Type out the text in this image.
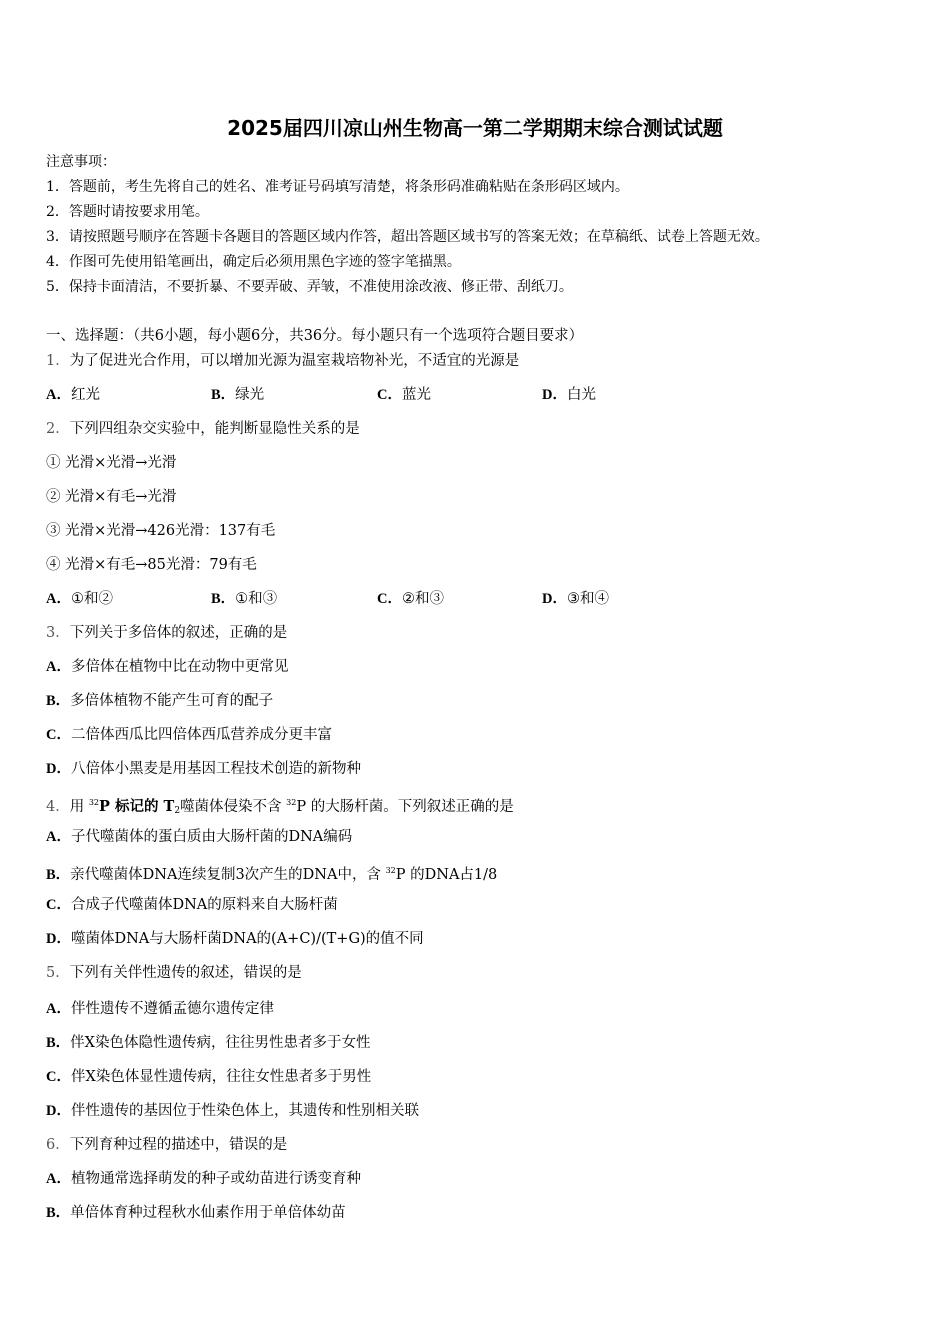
2025届四川凉山州生物高一第二学期期末综合测试试题
注意事项：
1．答题前，考生先将自己的姓名、准考证号码填写清楚，将条形码准确粘贴在条形码区域内。
2．答题时请按要求用笔。
3．请按照题号顺序在答题卡各题目的答题区域内作答，超出答题区域书写的答案无效；在草稿纸、试卷上答题无效。
4．作图可先使用铅笔画出，确定后必须用黑色字迹的签字笔描黑。
5．保持卡面清洁，不要折暴、不要弄破、弄皱，不准使用涂改液、修正带、刮纸刀。
一、选择题：（共6小题，每小题6分，共36分。每小题只有一个选项符合题目要求）
1．为了促进光合作用，可以增加光源为温室栽培物补光，不适宜的光源是
A．红光	B．绿光	C．蓝光	D．白光
2．下列四组杂交实验中，能判断显隐性关系的是
① 光滑×光滑→光滑
② 光滑×有毛→光滑
③ 光滑×光滑→426光滑：137有毛
④ 光滑×有毛→85光滑：79有毛
A．①和②	B．①和③	C．②和③	D．③和④
3．下列关于多倍体的叙述，正确的是
A．多倍体在植物中比在动物中更常见
B．多倍体植物不能产生可育的配子
C．二倍体西瓜比四倍体西瓜营养成分更丰富
D．八倍体小黑麦是用基因工程技术创造的新物种
4．用 $^{32}$P 标记的 $T_2$噬菌体侵染不含 $^{32}$P 的大肠杆菌。下列叙述正确的是
A．子代噬菌体的蛋白质由大肠杆菌的DNA编码
B．亲代噬菌体DNA连续复制3次产生的DNA中，含 $^{32}$P 的DNA占1/8
C．合成子代噬菌体DNA的原料来自大肠杆菌
D．噬菌体DNA与大肠杆菌DNA的(A+C)/(T+G)的值不同
5．下列有关伴性遗传的叙述，错误的是
A．伴性遗传不遵循孟德尔遗传定律
B．伴X染色体隐性遗传病，往往男性患者多于女性
C．伴X染色体显性遗传病，往往女性患者多于男性
D．伴性遗传的基因位于性染色体上，其遗传和性别相关联
6．下列育种过程的描述中，错误的是
A．植物通常选择萌发的种子或幼苗进行诱变育种
B．单倍体育种过程秋水仙素作用于单倍体幼苗
